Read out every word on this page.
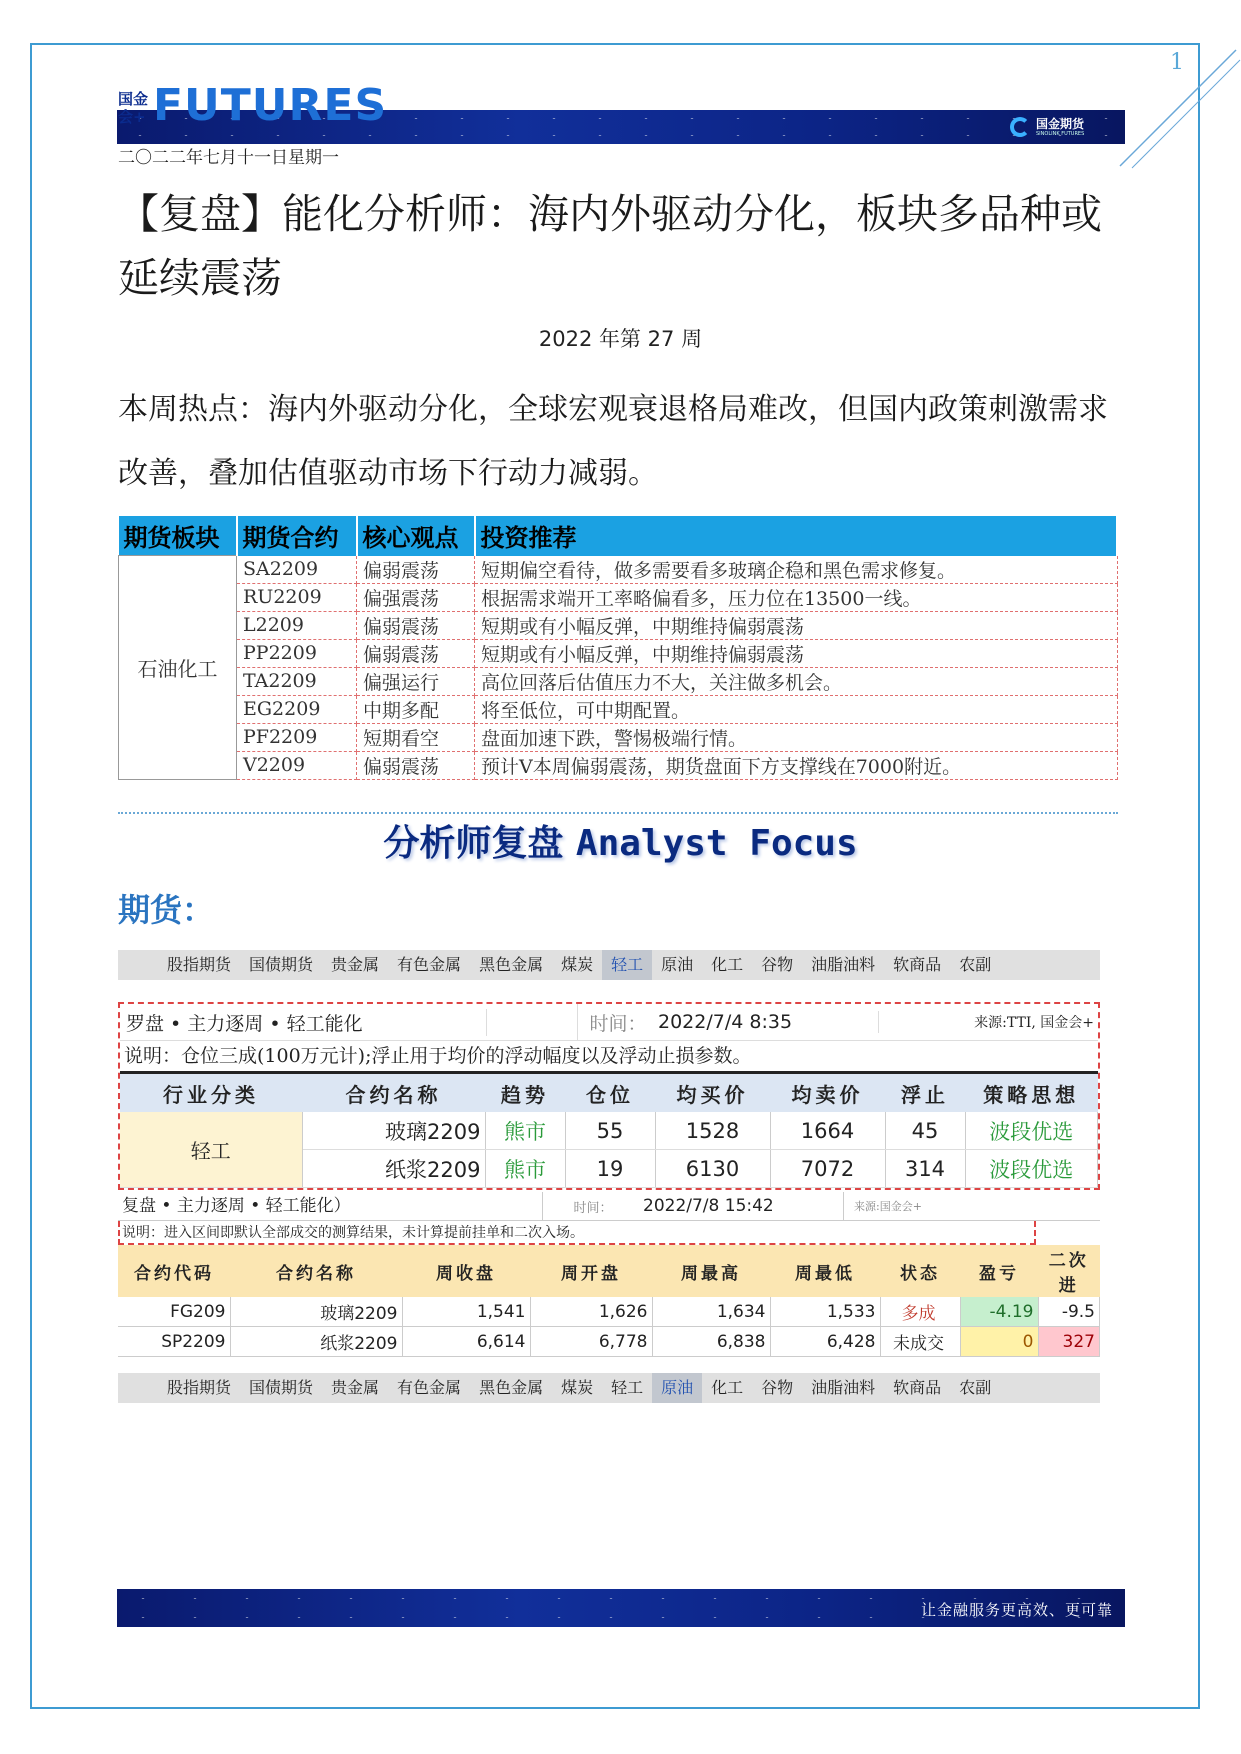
1
国金
会+ FUTURES	国金期货
SINOLINK FUTURES
二〇二二年七月十一日星期一
【复盘】能化分析师：海内外驱动分化，板块多品种或延续震荡
2022 年第 27 周
本周热点：海内外驱动分化，全球宏观衰退格局难改，但国内政策刺激需求改善，叠加估值驱动市场下行动力减弱。
期货板块	期货合约	核心观点	投资推荐
石油化工	SA2209	偏弱震荡	短期偏空看待，做多需要看多玻璃企稳和黑色需求修复。
	RU2209	偏强震荡	根据需求端开工率略偏看多，压力位在13500一线。
	L2209	偏弱震荡	短期或有小幅反弹，中期维持偏弱震荡
	PP2209	偏弱震荡	短期或有小幅反弹，中期维持偏弱震荡
	TA2209	偏强运行	高位回落后估值压力不大，关注做多机会。
	EG2209	中期多配	将至低位，可中期配置。
	PF2209	短期看空	盘面加速下跌，警惕极端行情。
	V2209	偏弱震荡	预计V本周偏弱震荡，期货盘面下方支撑线在7000附近。
分析师复盘 Analyst Focus
期货：
股指期货	国债期货	贵金属	有色金属	黑色金属	煤炭	轻工	原油	化工	谷物	油脂油料	软商品	农副
罗盘 • 主力逐周 • 轻工能化	时间： 2022/7/4 8:35	来源:TTI, 国金会+
说明：仓位三成(100万元计);浮止用于均价的浮动幅度以及浮动止损参数。
行业分类	合约名称	趋势	仓位	均买价	均卖价	浮止	策略思想
轻工	玻璃2209	熊市	55	1528	1664	45	波段优选
	纸浆2209	熊市	19	6130	7072	314	波段优选
复盘 • 主力逐周 • 轻工能化）	时间：	2022/7/8 15:42	来源:国金会+
说明：进入区间即默认全部成交的测算结果，未计算提前挂单和二次入场。
合约代码	合约名称	周收盘	周开盘	周最高	周最低	状态	盈亏	二次进
FG209	玻璃2209	1,541	1,626	1,634	1,533	多成	-4.19	-9.5
SP2209	纸浆2209	6,614	6,778	6,838	6,428	未成交	0	327
股指期货	国债期货	贵金属	有色金属	黑色金属	煤炭	轻工	原油	化工	谷物	油脂油料	软商品	农副
让金融服务更高效、更可靠
